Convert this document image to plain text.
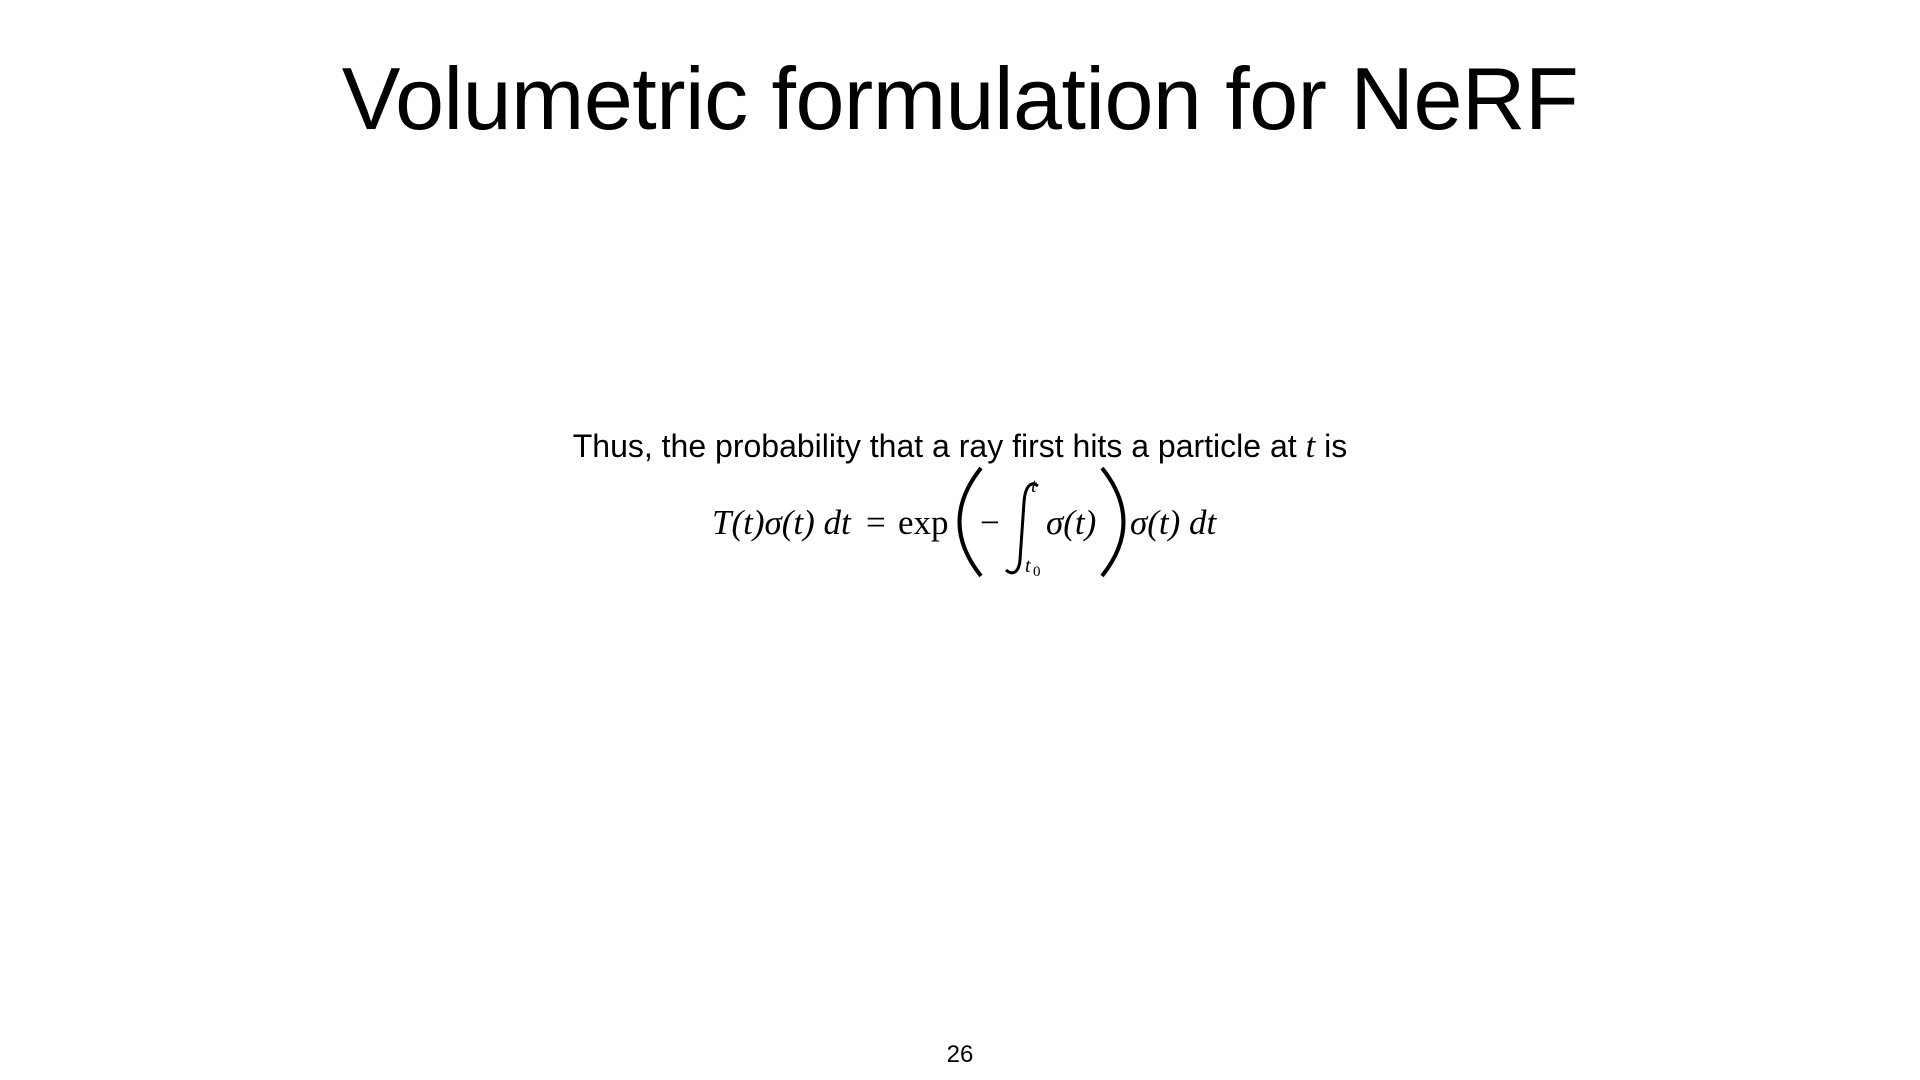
Volumetric formulation for NeRF
Thus, the probability that a ray first hits a particle at t is
T(t)σ(t) dt = exp −
t
t 0
σ(t) σ(t) dt
26
